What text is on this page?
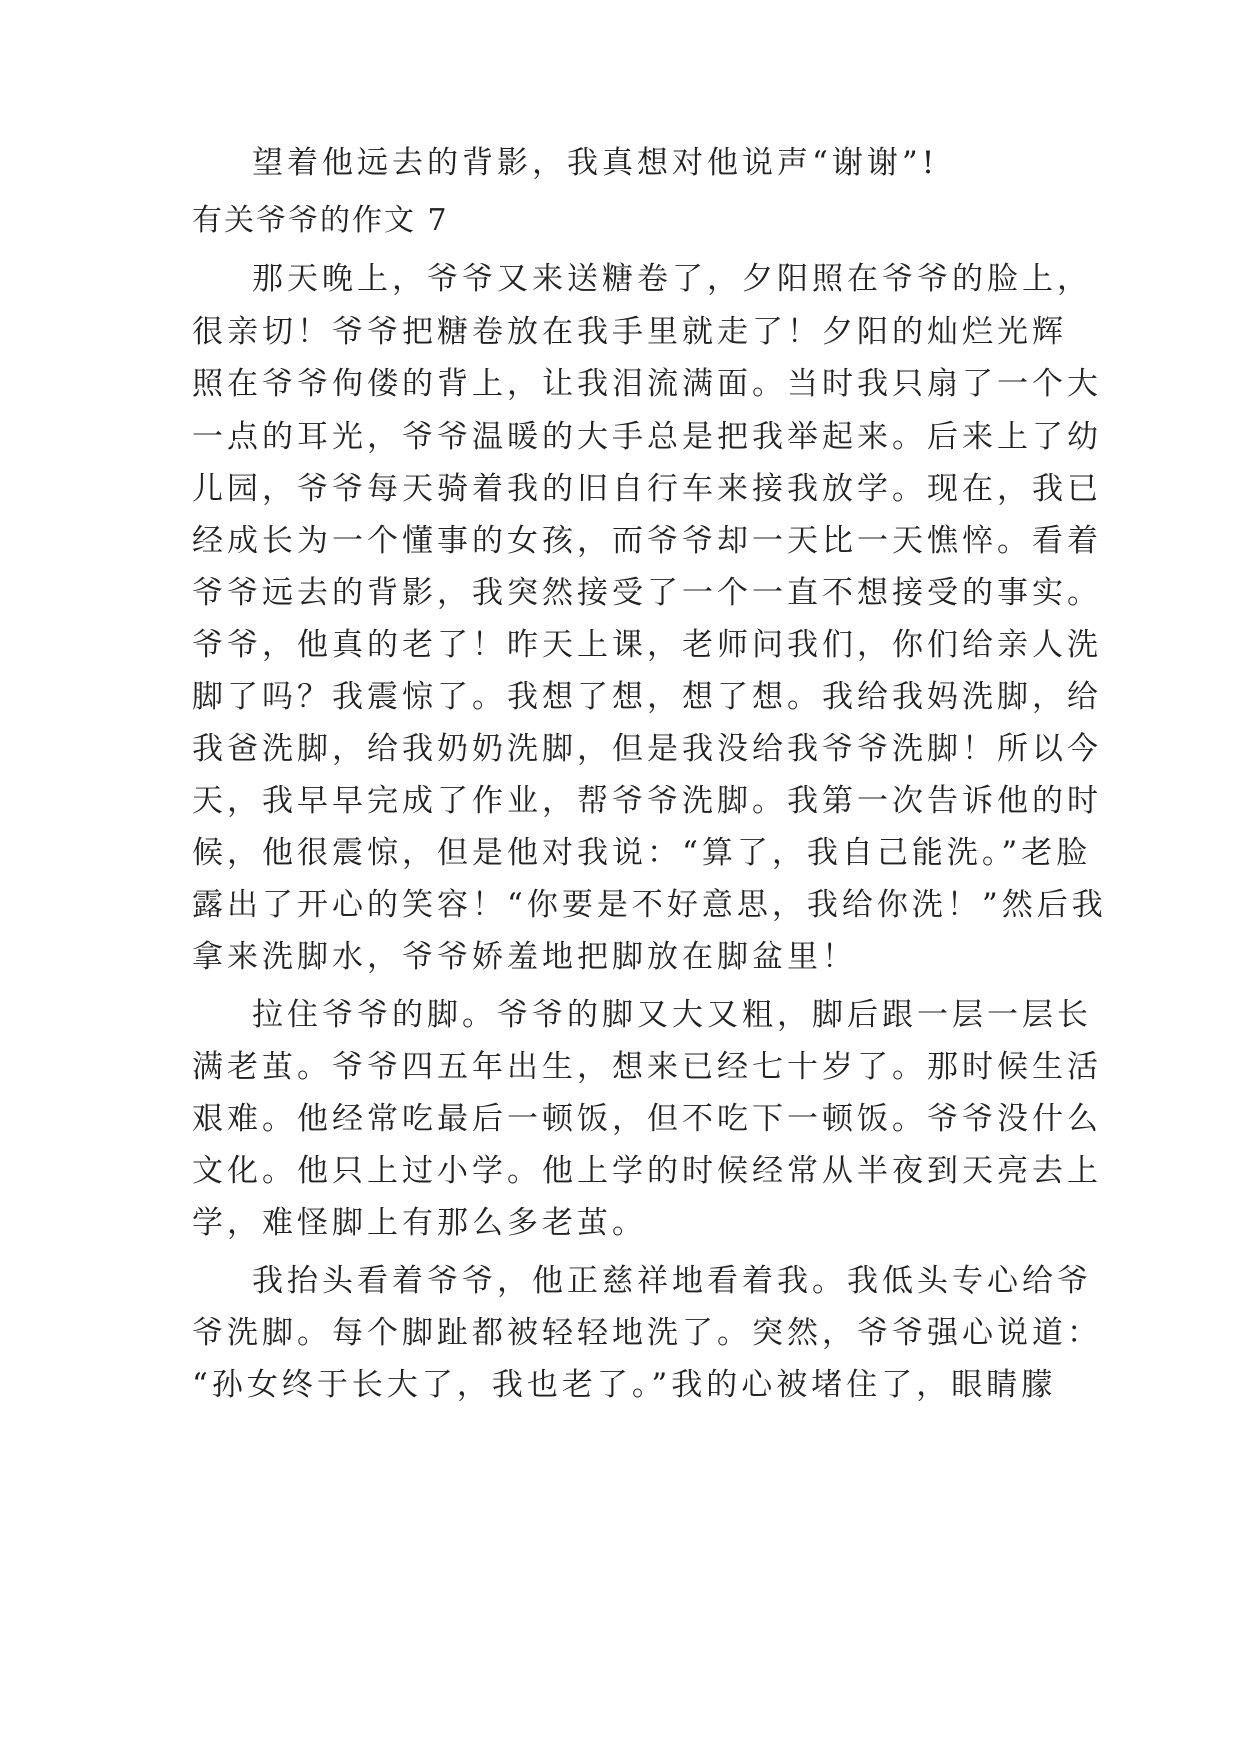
望着他远去的背影，我真想对他说声“谢谢”!
有关爷爷的作文 7
那天晚上，爷爷又来送糖卷了，夕阳照在爷爷的脸上，
很亲切！爷爷把糖卷放在我手里就走了！夕阳的灿烂光辉
照在爷爷佝偻的背上，让我泪流满面。当时我只扇了一个大
一点的耳光，爷爷温暖的大手总是把我举起来。后来上了幼
儿园，爷爷每天骑着我的旧自行车来接我放学。现在，我已
经成长为一个懂事的女孩，而爷爷却一天比一天憔悴。看着
爷爷远去的背影，我突然接受了一个一直不想接受的事实。
爷爷，他真的老了！昨天上课，老师问我们，你们给亲人洗
脚了吗？我震惊了。我想了想，想了想。我给我妈洗脚，给
我爸洗脚，给我奶奶洗脚，但是我没给我爷爷洗脚！所以今
天，我早早完成了作业，帮爷爷洗脚。我第一次告诉他的时
候，他很震惊，但是他对我说：“算了，我自己能洗。”老脸
露出了开心的笑容！“你要是不好意思，我给你洗！”然后我
拿来洗脚水，爷爷娇羞地把脚放在脚盆里！
拉住爷爷的脚。爷爷的脚又大又粗，脚后跟一层一层长
满老茧。爷爷四五年出生，想来已经七十岁了。那时候生活
艰难。他经常吃最后一顿饭，但不吃下一顿饭。爷爷没什么
文化。他只上过小学。他上学的时候经常从半夜到天亮去上
学，难怪脚上有那么多老茧。
我抬头看着爷爷，他正慈祥地看着我。我低头专心给爷
爷洗脚。每个脚趾都被轻轻地洗了。突然，爷爷强心说道：
“孙女终于长大了，我也老了。”我的心被堵住了，眼睛朦
